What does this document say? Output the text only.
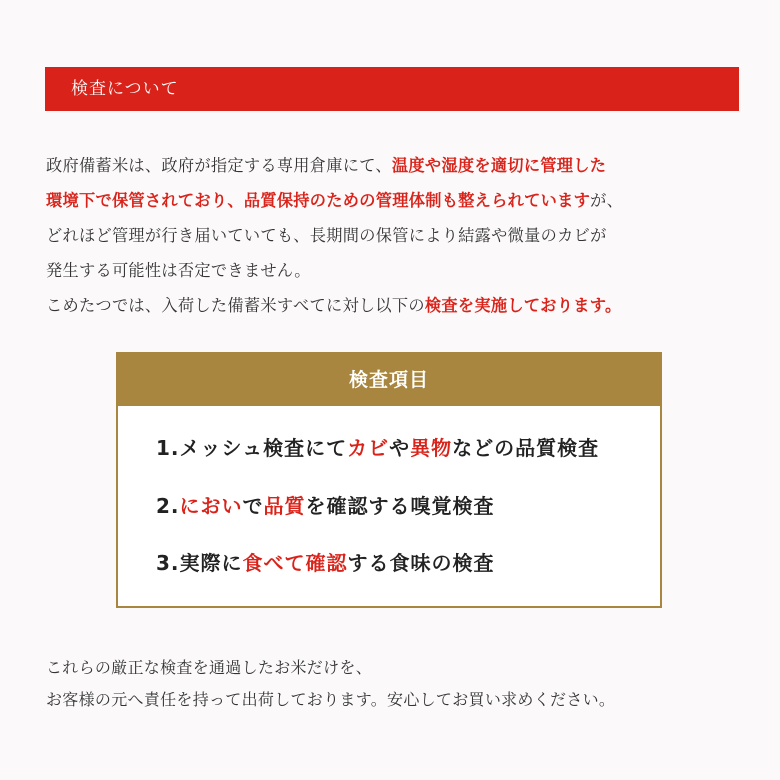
検査について
政府備蓄米は、政府が指定する専用倉庫にて、温度や湿度を適切に管理した
環境下で保管されており、品質保持のための管理体制も整えられていますが、
どれほど管理が行き届いていても、長期間の保管により結露や微量のカビが
発生する可能性は否定できません。
こめたつでは、入荷した備蓄米すべてに対し以下の検査を実施しております。
検査項目
1.メッシュ検査にてカビや異物などの品質検査
2.においで品質を確認する嗅覚検査
3.実際に食べて確認する食味の検査
これらの厳正な検査を通過したお米だけを、
お客様の元へ責任を持って出荷しております。安心してお買い求めください。
